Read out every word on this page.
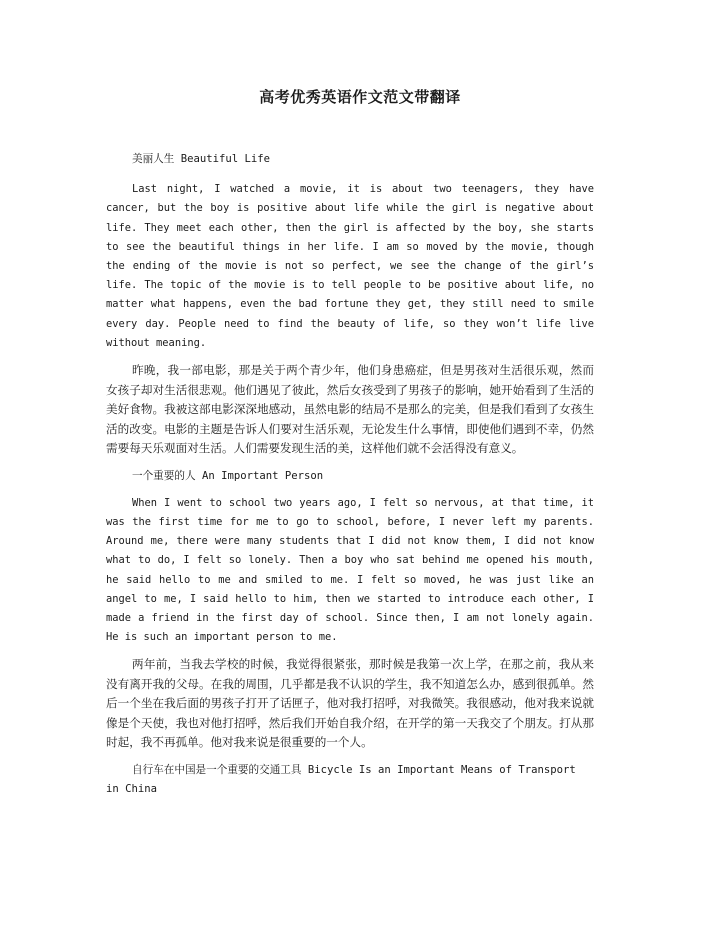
高考优秀英语作文范文带翻译

美丽人生 Beautiful Life

Last night, I watched a movie, it is about two teenagers, they have cancer, but the boy is positive about life while the girl is negative about life. They meet each other, then the girl is affected by the boy, she starts to see the beautiful things in her life. I am so moved by the movie, though the ending of the movie is not so perfect, we see the change of the girl’s life. The topic of the movie is to tell people to be positive about life, no matter what happens, even the bad fortune they get, they still need to smile every day. People need to find the beauty of life, so they won’t life live without meaning.

昨晚，我一部电影，那是关于两个青少年，他们身患癌症，但是男孩对生活很乐观，然而女孩子却对生活很悲观。他们遇见了彼此，然后女孩受到了男孩子的影响，她开始看到了生活的美好食物。我被这部电影深深地感动，虽然电影的结局不是那么的完美，但是我们看到了女孩生活的改变。电影的主题是告诉人们要对生活乐观，无论发生什么事情，即使他们遇到不幸，仍然需要每天乐观面对生活。人们需要发现生活的美，这样他们就不会活得没有意义。

一个重要的人 An Important Person

When I went to school two years ago, I felt so nervous, at that time, it was the first time for me to go to school, before, I never left my parents. Around me, there were many students that I did not know them, I did not know what to do, I felt so lonely. Then a boy who sat behind me opened his mouth, he said hello to me and smiled to me. I felt so moved, he was just like an angel to me, I said hello to him, then we started to introduce each other, I made a friend in the first day of school. Since then, I am not lonely again. He is such an important person to me.

两年前，当我去学校的时候，我觉得很紧张，那时候是我第一次上学，在那之前，我从来没有离开我的父母。在我的周围，几乎都是我不认识的学生，我不知道怎么办，感到很孤单。然后一个坐在我后面的男孩子打开了话匣子，他对我打招呼，对我微笑。我很感动，他对我来说就像是个天使，我也对他打招呼，然后我们开始自我介绍，在开学的第一天我交了个朋友。打从那时起，我不再孤单。他对我来说是很重要的一个人。

自行车在中国是一个重要的交通工具 Bicycle Is an Important Means of Transport in China
